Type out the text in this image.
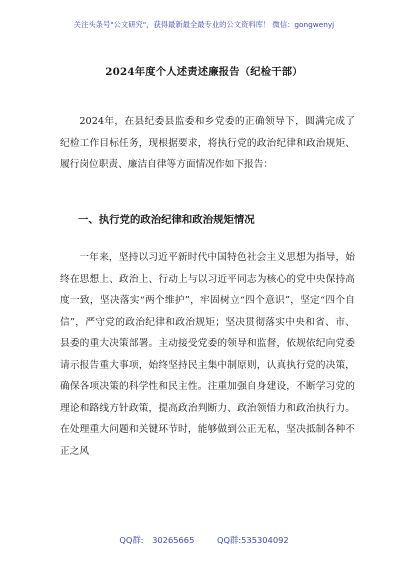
关注头条号"公文研究"，获得最新最全最专业的公文资料库！ 微信：gongwenyj
2024年度个人述责述廉报告（纪检干部）

2024年，在县纪委县监委和乡党委的正确领导下，圆满完成了纪检工作目标任务，现根据要求，将执行党的政治纪律和政治规矩、履行岗位职责、廉洁自律等方面情况作如下报告：

一、执行党的政治纪律和政治规矩情况

一年来，坚持以习近平新时代中国特色社会主义思想为指导，始终在思想上、政治上、行动上与以习近平同志为核心的党中央保持高度一致，坚决落实“两个维护”，牢固树立“四个意识”，坚定“四个自信”，严守党的政治纪律和政治规矩；坚决贯彻落实中央和省、市、县委的重大决策部署。主动接受党委的领导和监督，依规依纪向党委请示报告重大事项，始终坚持民主集中制原则，认真执行党的决策，确保各项决策的科学性和民主性。注重加强自身建设，不断学习党的理论和路线方针政策，提高政治判断力、政治领悟力和政治执行力。在处理重大问题和关键环节时，能够做到公正无私，坚决抵制各种不正之风

QQ群: 30265665	QQ群:535304092
